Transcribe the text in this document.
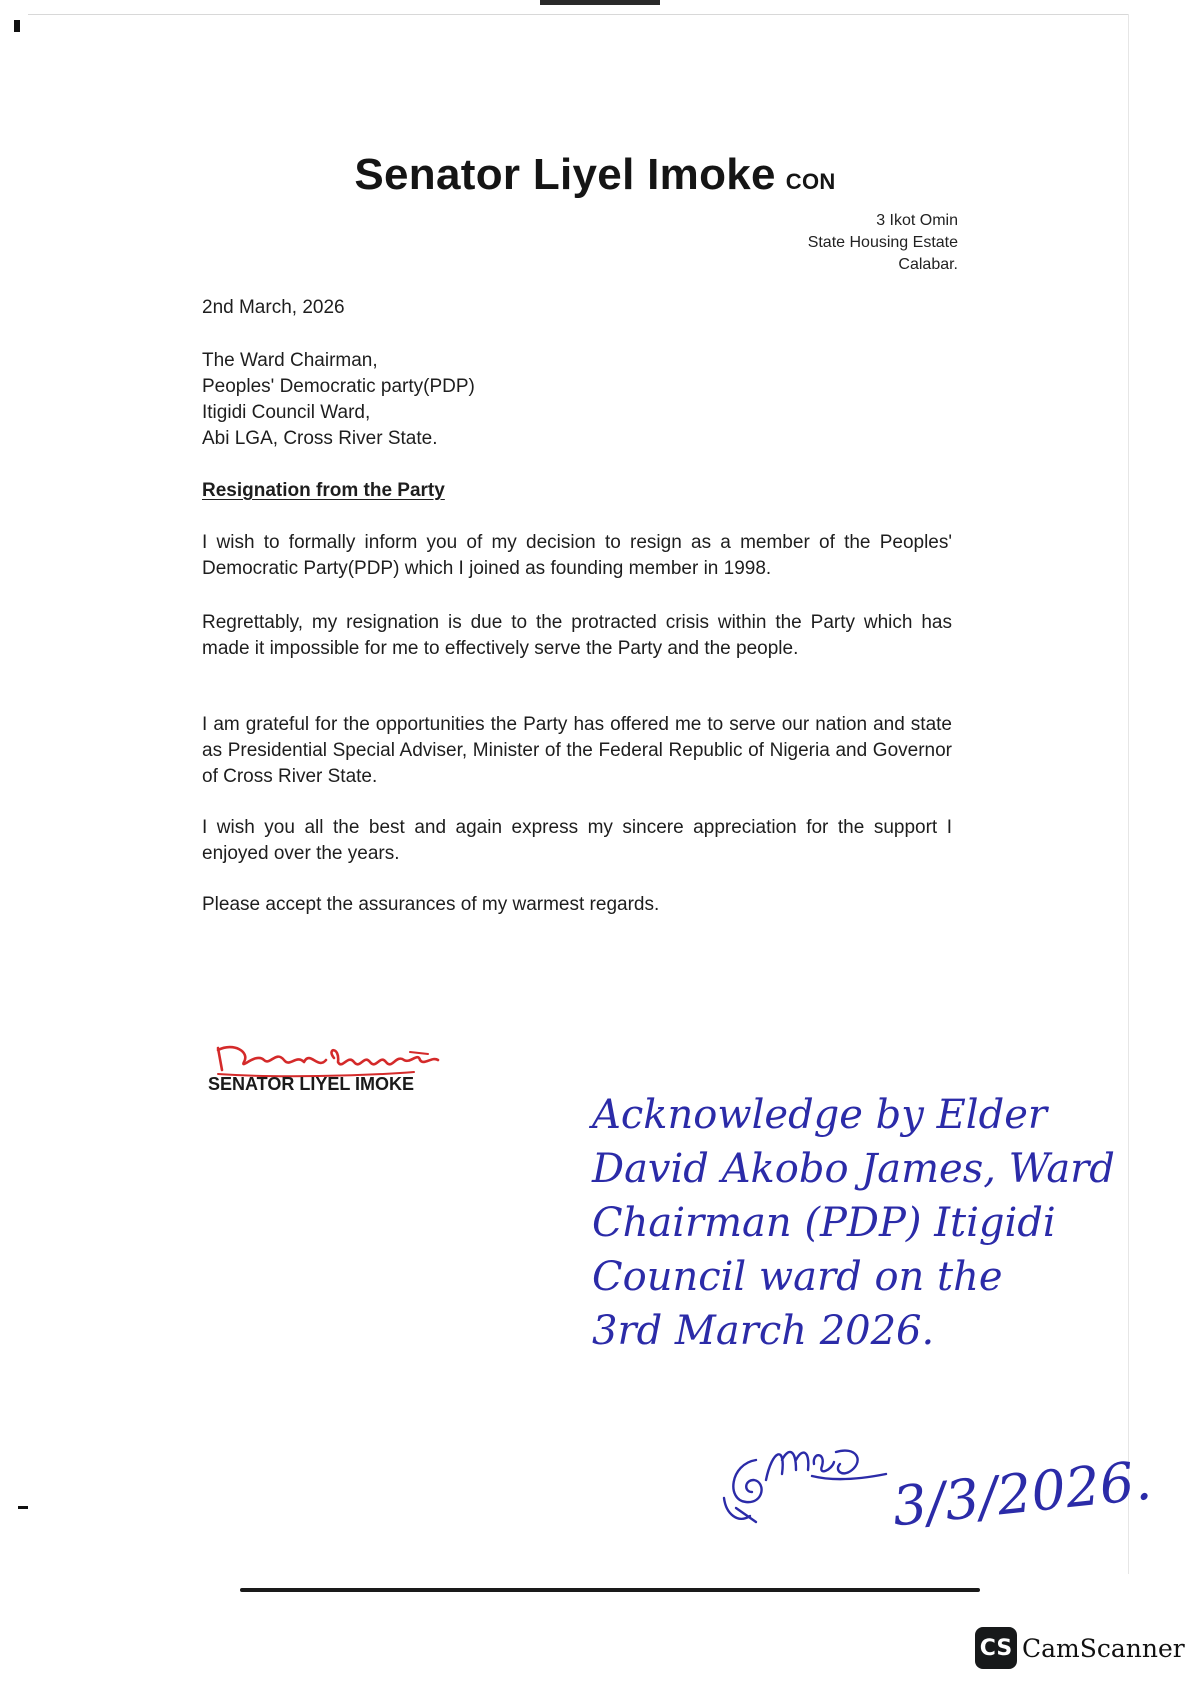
Senator Liyel Imoke CON
3 Ikot Omin
State Housing Estate
Calabar.
2nd March, 2026
The Ward Chairman,
Peoples' Democratic party(PDP)
Itigidi Council Ward,
Abi LGA, Cross River State.
Resignation from the Party
I wish to formally inform you of my decision to resign as a member of the Peoples' Democratic Party(PDP) which I joined as founding member in 1998.
Regrettably, my resignation is due to the protracted crisis within the Party which has made it impossible for me to effectively serve the Party and the people.
I am grateful for the opportunities the Party has offered me to serve our nation and state as Presidential Special Adviser, Minister of the Federal Republic of Nigeria and Governor of Cross River State.
I wish you all the best and again express my sincere appreciation for the support I enjoyed over the years.
Please accept the assurances of my warmest regards.
SENATOR LIYEL IMOKE
Acknowledge by Elder
David Akobo James, Ward
Chairman (PDP) Itigidi
Council ward on the
3rd March 2026.
3/3/2026.
CS CamScanner
